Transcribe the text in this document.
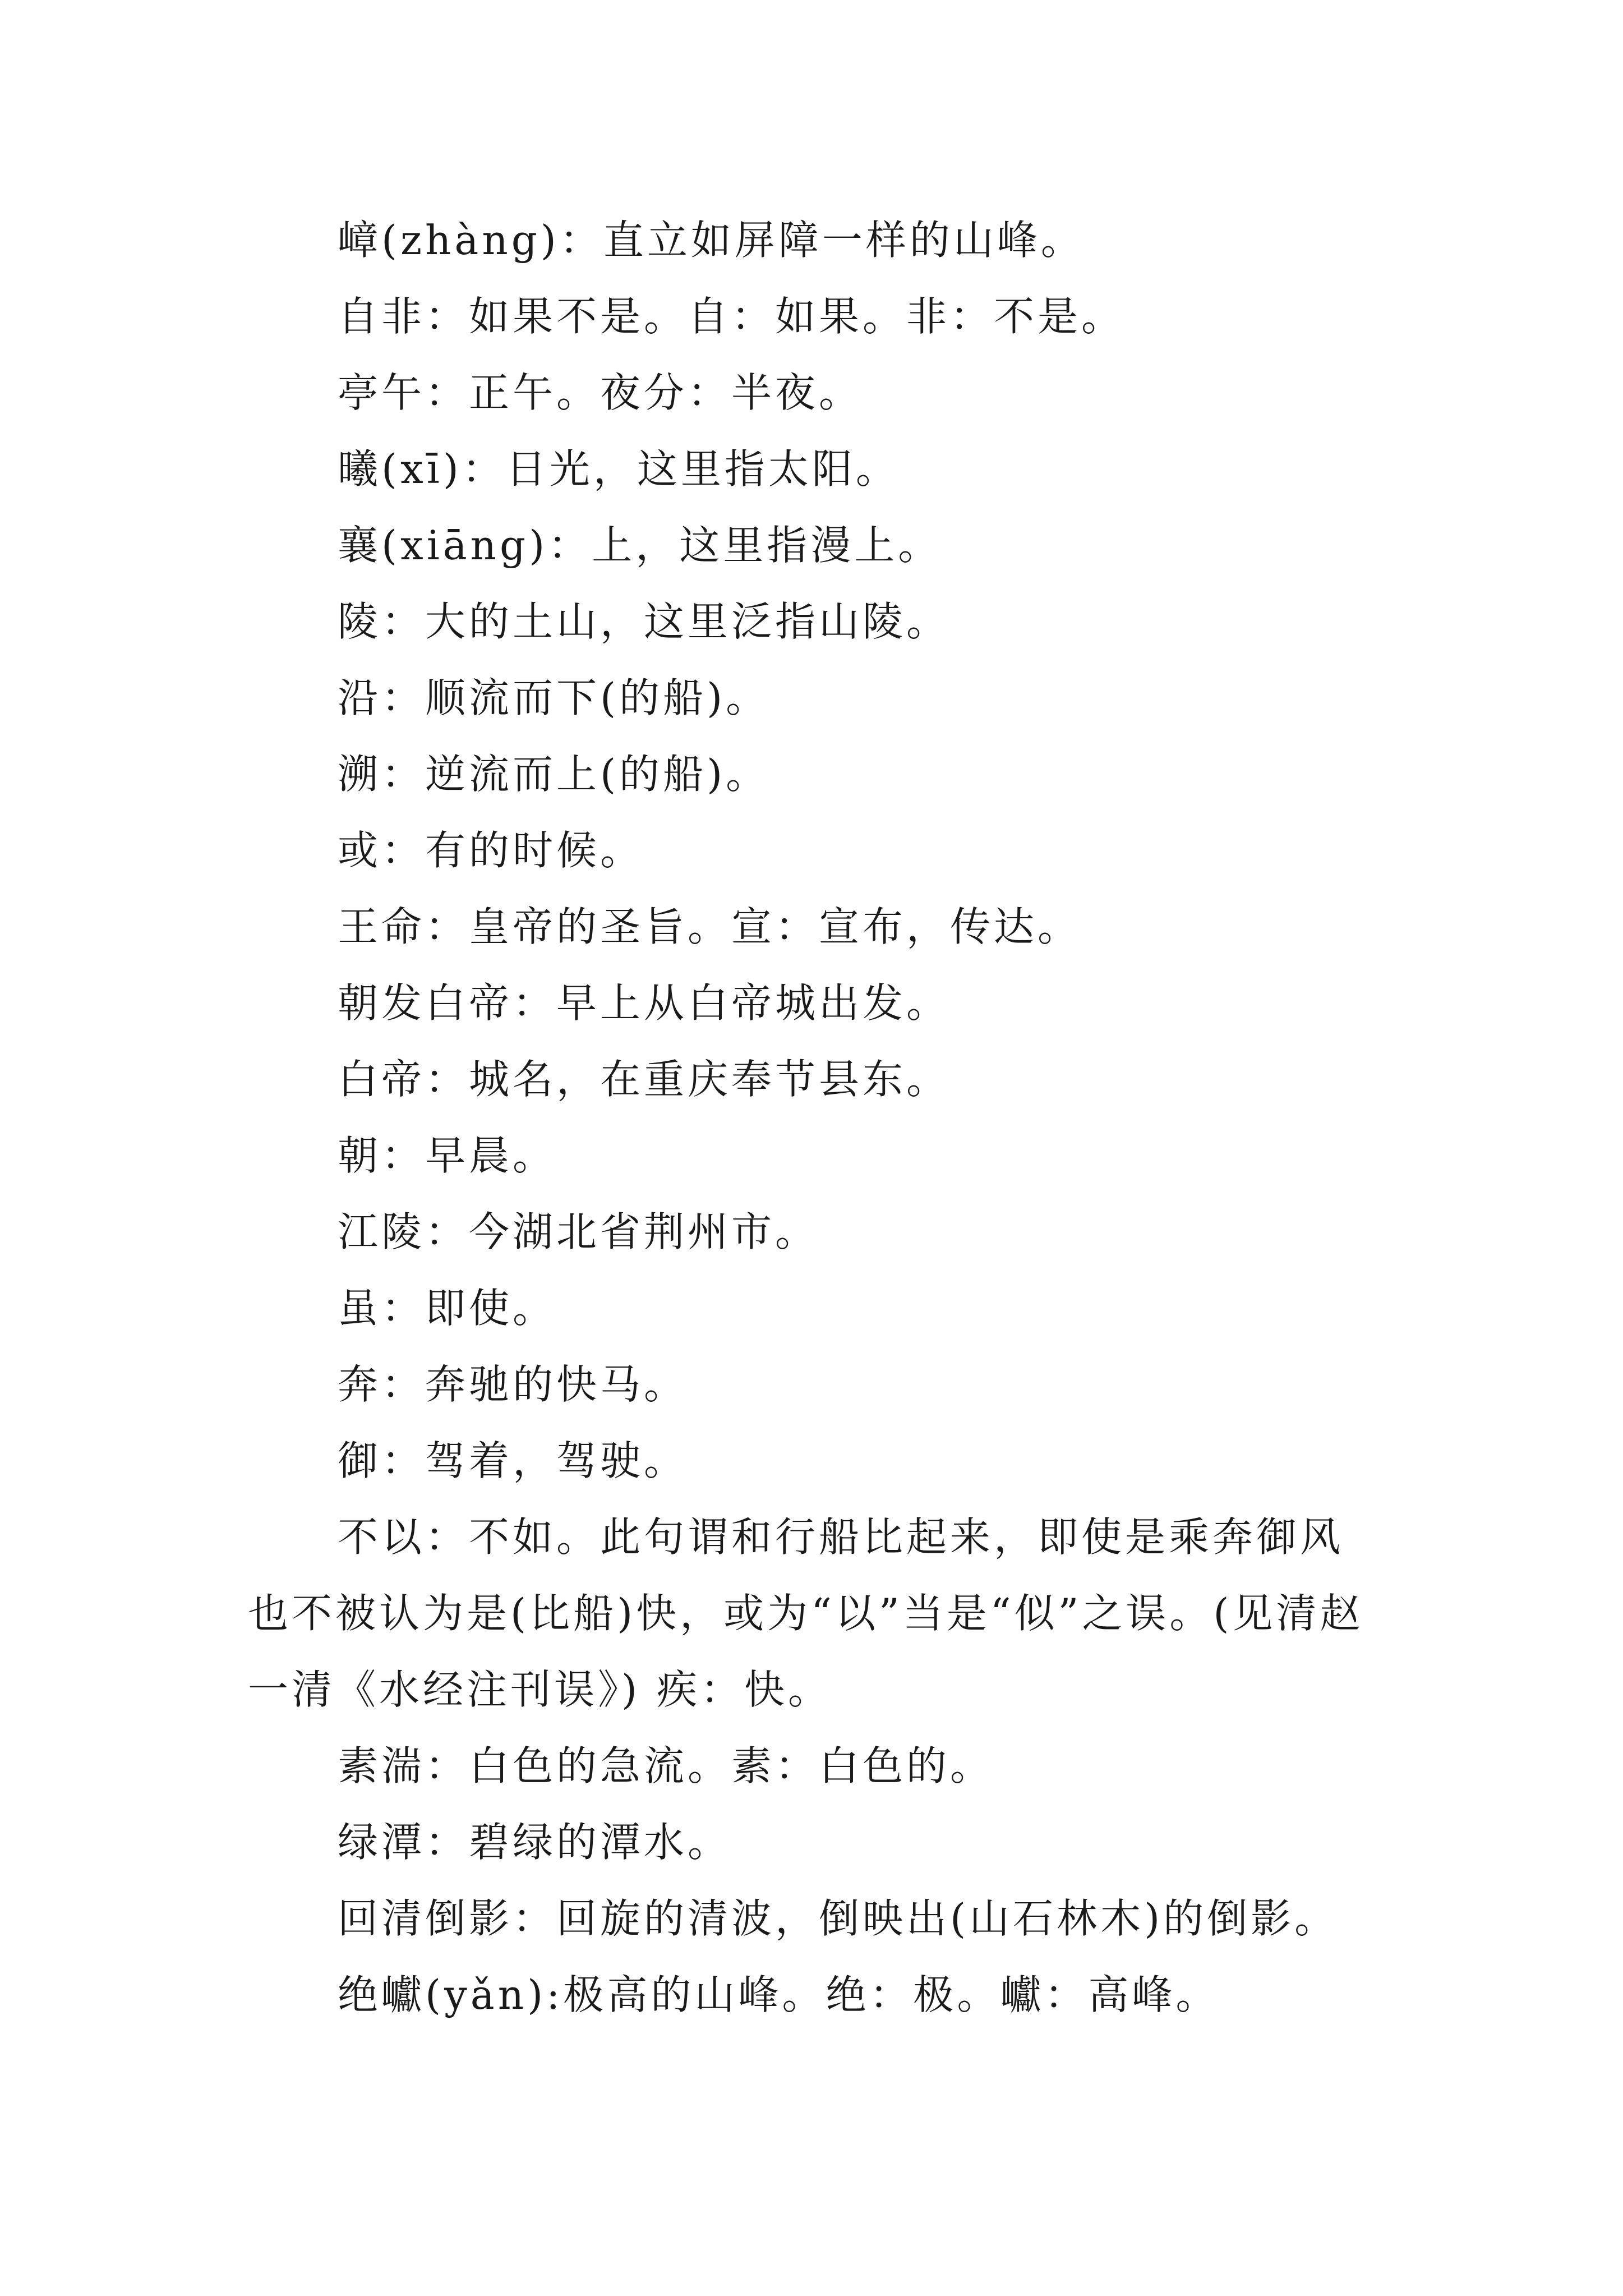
嶂(zhàng)：直立如屏障一样的山峰。

自非：如果不是。自：如果。非：不是。

亭午：正午。夜分：半夜。

曦(xī)：日光，这里指太阳。

襄(xiāng)：上，这里指漫上。

陵：大的土山，这里泛指山陵。

沿：顺流而下(的船)。

溯：逆流而上(的船)。

或：有的时候。

王命：皇帝的圣旨。宣：宣布，传达。

朝发白帝：早上从白帝城出发。

白帝：城名，在重庆奉节县东。

朝：早晨。

江陵：今湖北省荆州市。

虽：即使。

奔：奔驰的快马。

御：驾着，驾驶。

不以：不如。此句谓和行船比起来，即使是乘奔御风也不被认为是(比船)快，或为“以”当是“似”之误。(见清赵一清《水经注刊误》) 疾：快。

素湍：白色的急流。素：白色的。

绿潭：碧绿的潭水。

回清倒影：回旋的清波，倒映出(山石林木)的倒影。

绝巘(yǎn):极高的山峰。绝：极。巘：高峰。
